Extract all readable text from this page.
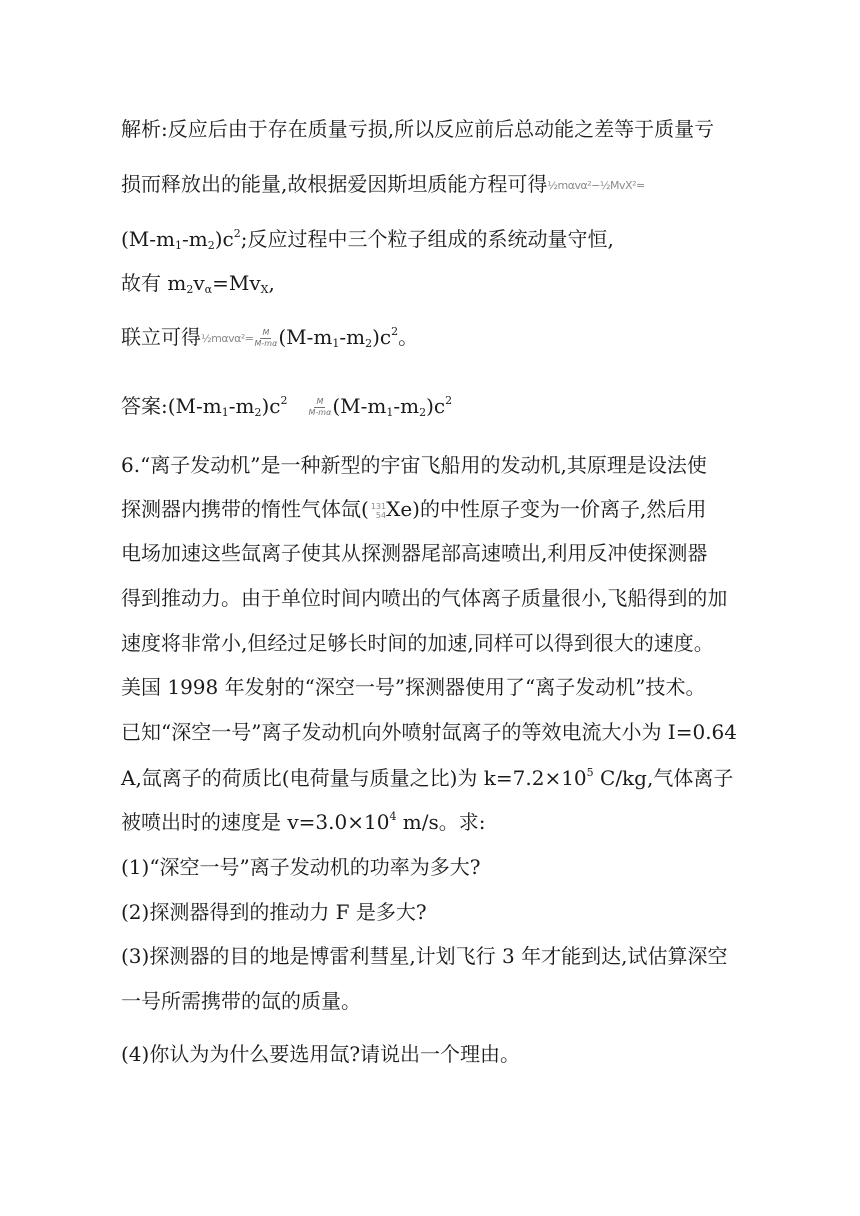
解析:反应后由于存在质量亏损,所以反应前后总动能之差等于质量亏
损而释放出的能量,故根据爱因斯坦质能方程可得½mαvα²−½MvX²=
$(M-m_1-m_2)c^2$;反应过程中三个粒子组成的系统动量守恒,
故有 $m_2v_\alpha=Mv_X$,
联立可得½mαvα²= $\frac{M}{M-m\alpha} (M-m_1-m_2)c^2$。
答案$:(M-m_1-m_2)c^2$	$\frac{M}{M-m\alpha} (M-m_1-m_2)c^2$
6.“离子发动机”是一种新型的宇宙飞船用的发动机,其原理是设法使
探测器内携带的惰性气体氙( 131
54 Xe)的中性原子变为一价离子,然后用
电场加速这些氙离子使其从探测器尾部高速喷出,利用反冲使探测器
得到推动力。由于单位时间内喷出的气体离子质量很小,飞船得到的加
速度将非常小,但经过足够长时间的加速,同样可以得到很大的速度。
美国 1998 年发射的“深空一号”探测器使用了“离子发动机”技术。
已知“深空一号”离子发动机向外喷射氙离子的等效电流大小为 I=0.64
A,氙离子的荷质比(电荷量与质量之比)为 $k=7.2\times 10^5$ C/kg,气体离子
被喷出时的速度是 $v=3.0\times 10^4$ m/s。求:
(1)“深空一号”离子发动机的功率为多大?
(2)探测器得到的推动力 F 是多大?
(3)探测器的目的地是博雷利彗星,计划飞行 3 年才能到达,试估算深空
一号所需携带的氙的质量。
(4)你认为为什么要选用氙?请说出一个理由。
